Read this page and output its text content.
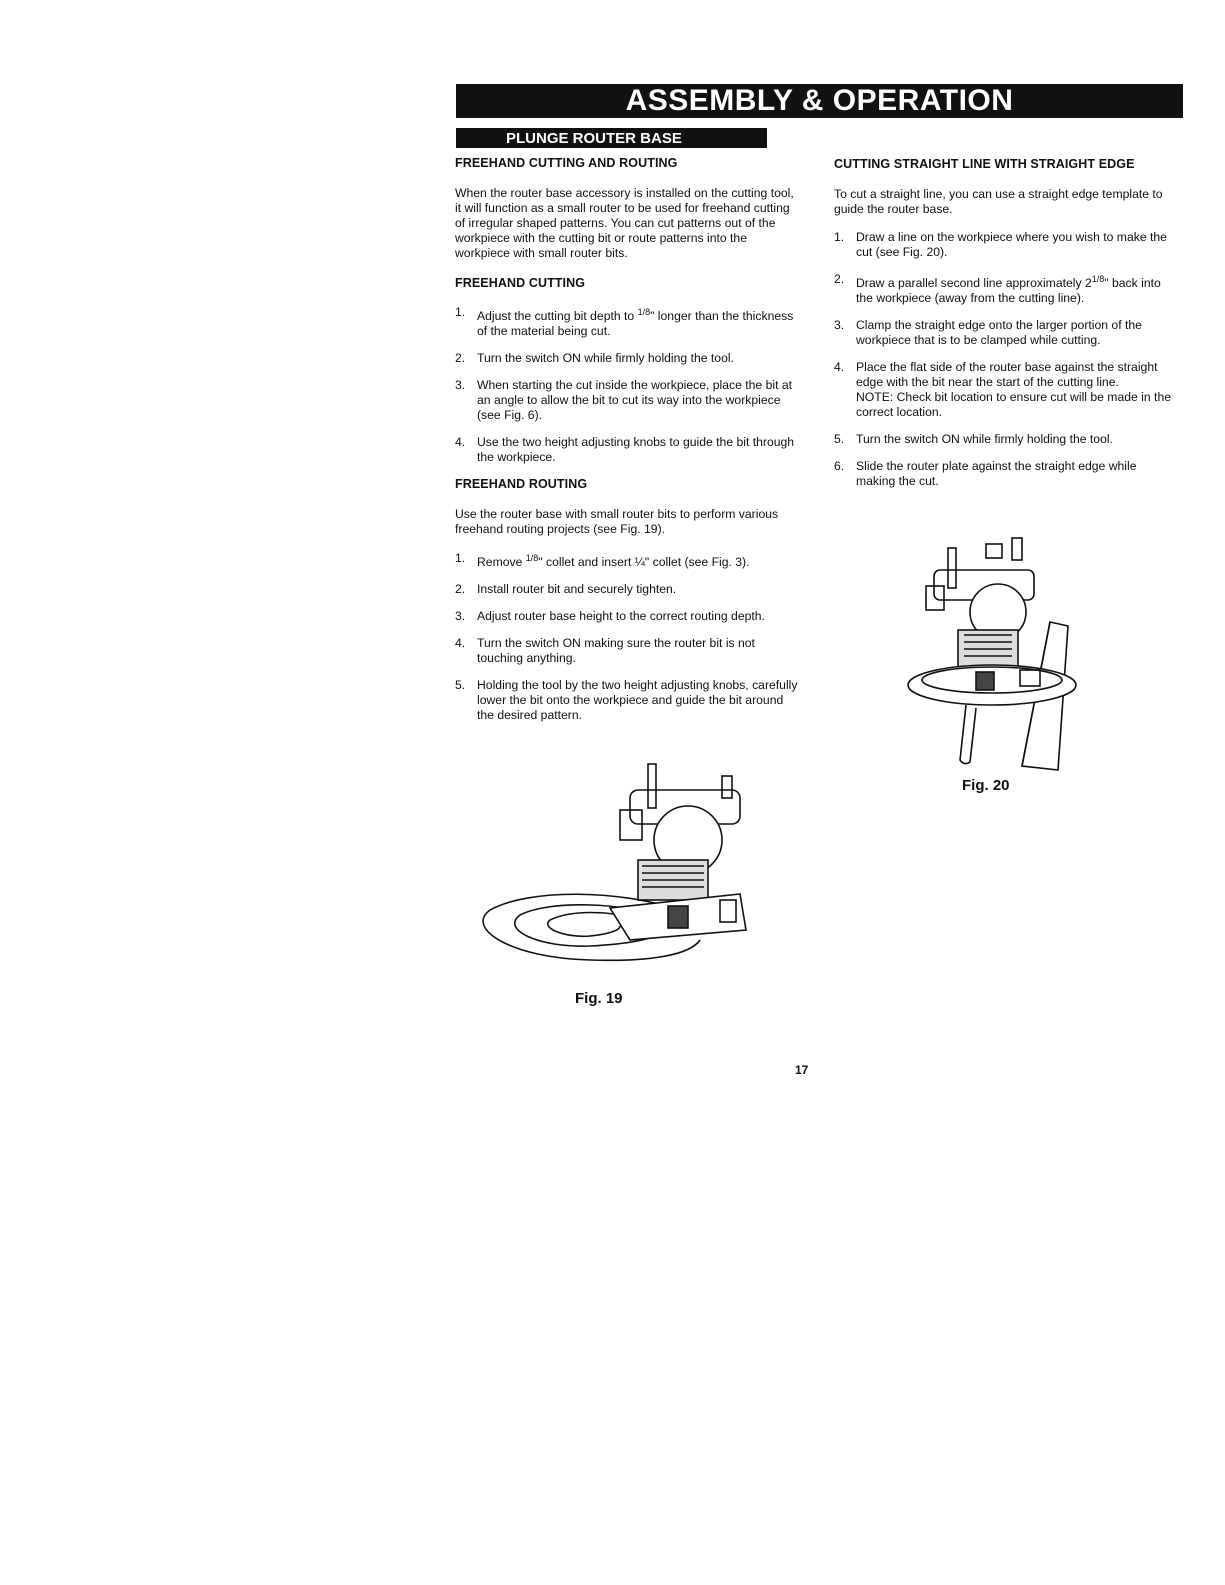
ASSEMBLY & OPERATION
PLUNGE ROUTER BASE
FREEHAND CUTTING AND ROUTING

When the router base accessory is installed on the cutting tool, it will function as a small router to be used for freehand cutting of irregular shaped patterns. You can cut patterns out of the workpiece with the cutting bit or route patterns into the workpiece with small router bits.

FREEHAND CUTTING
1. Adjust the cutting bit depth to $^{1/8}$" longer than the thickness of the material being cut.
2. Turn the switch ON while firmly holding the tool.
3. When starting the cut inside the workpiece, place the bit at an angle to allow the bit to cut its way into the workpiece (see Fig. 6).
4. Use the two height adjusting knobs to guide the bit through the workpiece.
FREEHAND ROUTING

Use the router base with small router bits to perform various freehand routing projects (see Fig. 19).

1. Remove $^{1/8}$" collet and insert ¼" collet (see Fig. 3).
2. Install router bit and securely tighten.
3. Adjust router base height to the correct routing depth.
4. Turn the switch ON making sure the router bit is not touching anything.
5. Holding the tool by the two height adjusting knobs, carefully lower the bit onto the workpiece and guide the bit around the desired pattern.
CUTTING STRAIGHT LINE WITH STRAIGHT EDGE

To cut a straight line, you can use a straight edge template to guide the router base.

1. Draw a line on the workpiece where you wish to make the cut (see Fig. 20).
2. Draw a parallel second line approximately $2^{1/8}$" back into the workpiece (away from the cutting line).
3. Clamp the straight edge onto the larger portion of the workpiece that is to be clamped while cutting.
4. Place the flat side of the router base against the straight edge with the bit near the start of the cutting line.
NOTE: Check bit location to ensure cut will be made in the correct location.
5. Turn the switch ON while firmly holding the tool.
6. Slide the router plate against the straight edge while making the cut.
Fig. 20
Fig. 19
17
